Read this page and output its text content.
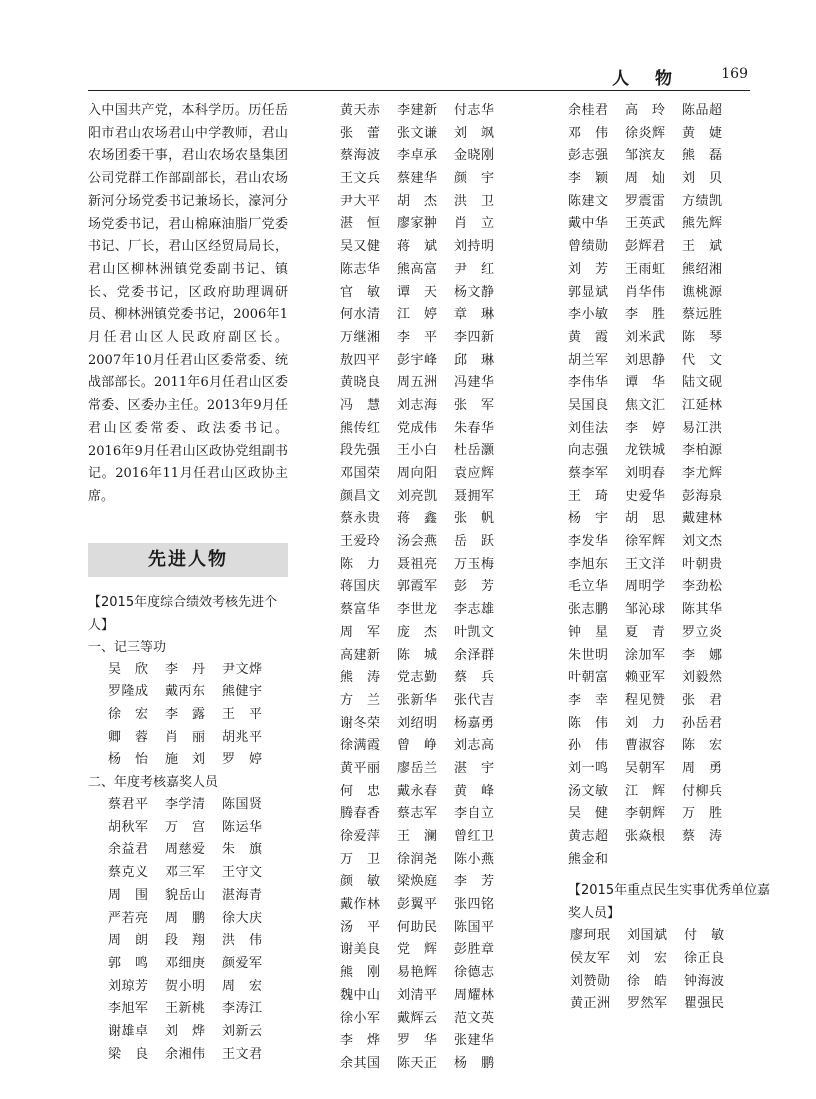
人 物	169
入中国共产党，本科学历。历任岳阳市君山农场君山中学教师，君山农场团委干事，君山农场农垦集团公司党群工作部副部长，君山农场新河分场党委书记兼场长，濠河分场党委书记，君山棉麻油脂厂党委书记、厂长，君山区经贸局局长，君山区柳林洲镇党委副书记、镇长、党委书记，区政府助理调研员、柳林洲镇党委书记，2006年1月任君山区人民政府副区长。2007年10月任君山区委常委、统战部部长。2011年6月任君山区委常委、区委办主任。2013年9月任君山区委常委、政法委书记。2016年9月任君山区政协党组副书记。2016年11月任君山区政协主席。
先进人物
【2015年度综合绩效考核先进个人】
一、记三等功
吴　欣	李　丹	尹文烨
罗隆成	戴丙东	熊健宇
徐　宏	李　露	王　平
卿　蓉	肖　丽	胡兆平
杨　怡	施　刘	罗　婷
二、年度考核嘉奖人员
蔡君平	李学清	陈国贤
胡秋军	万　宫	陈运华
余益君	周慈爱	朱　旗
蔡克义	邓三军	王守文
周　围	貌岳山	湛海青
严若亮	周　鹏	徐大庆
周　朗	段　翔	洪　伟
郭　鸣	邓细庚	颜爱军
刘琼芳	贺小明	周　宏
李旭军	王新桃	李涛江
谢雄卓	刘　烨	刘新云
梁　良	余湘伟	王文君
黄天赤	李建新	付志华
张　蕾	张文谦	刘　飒
蔡海波	李卓承	金晓刚
王文兵	蔡建华	颜　宇
尹大平	胡　杰	洪　卫
湛　恒	廖家翀	肖　立
吴又健	蒋　斌	刘持明
陈志华	熊高富	尹　红
官　敏	谭　天	杨文静
何水清	江　婷	章　琳
万继湘	李　平	李四新
敖四平	彭宇峰	邱　琳
黄晓良	周五洲	冯建华
冯　慧	刘志海	张　军
熊传红	党成伟	朱春华
段先强	王小白	杜岳灏
邓国荣	周向阳	袁应辉
颜昌文	刘亮凯	聂拥军
蔡永贵	蒋　鑫	张　帆
王爱玲	汤会燕	岳　跃
陈　力	聂祖亮	万玉梅
蒋国庆	郭霞军	彭　芳
蔡富华	李世龙	李志雄
周　军	庞　杰	叶凯文
高建新	陈　城	余泽群
熊　涛	党志勤	蔡　兵
方　兰	张新华	张代吉
谢冬荣	刘绍明	杨嘉勇
徐满霞	曾　峥	刘志高
黄平丽	廖岳兰	湛　宇
何　忠	戴永春	黄　峰
腾春香	蔡志军	李自立
徐爱萍	王　澜	曾红卫
万　卫	徐润尧	陈小燕
颜　敏	梁焕庭	李　芳
戴作林	彭翼平	张四铭
汤　平	何助民	陈国平
谢美良	党　辉	彭胜章
熊　刚	易艳辉	徐德志
魏中山	刘清平	周耀林
徐小军	戴辉云	范文英
李　烨	罗　华	张建华
余其国	陈天正	杨　鹏
余桂君	高　玲	陈品超
邓　伟	徐炎辉	黄　婕
彭志强	邹滨友	熊　磊
李　颖	周　灿	刘　贝
陈建文	罗震雷	方绩凯
戴中华	王英武	熊先辉
曾绩勋	彭辉君	王　斌
刘　芳	王雨虹	熊绍湘
郭显斌	肖华伟	谯桃源
李小敏	李　胜	蔡远胜
黄　霞	刘米武	陈　琴
胡兰军	刘思静	代　文
李伟华	谭　华	陆文砚
吴国良	焦文汇	江延林
刘佳法	李　婷	易江洪
向志强	龙铁城	李柏源
蔡李军	刘明春	李尤辉
王　琦	史爱华	彭海泉
杨　宇	胡　思	戴建林
李发华	徐军辉	刘文杰
李旭东	王文洋	叶朝贵
毛立华	周明学	李劲松
张志鹏	邹沁球	陈其华
钟　星	夏　青	罗立炎
朱世明	涂加军	李　娜
叶朝富	赖亚军	刘毅然
李　幸	程见赞	张　君
陈　伟	刘　力	孙岳君
孙　伟	曹淑容	陈　宏
刘一鸣	吴朝军	周　勇
汤文敏	江　辉	付柳兵
吴　健	李朝辉	万　胜
黄志超	张焱根	蔡　涛
熊金和
【2015年重点民生实事优秀单位嘉奖人员】
廖珂珉	刘国斌	付　敏
侯友军	刘　宏	徐正良
刘赞勋	徐　皓	钟海波
黄正洲	罗然军	瞿强民
